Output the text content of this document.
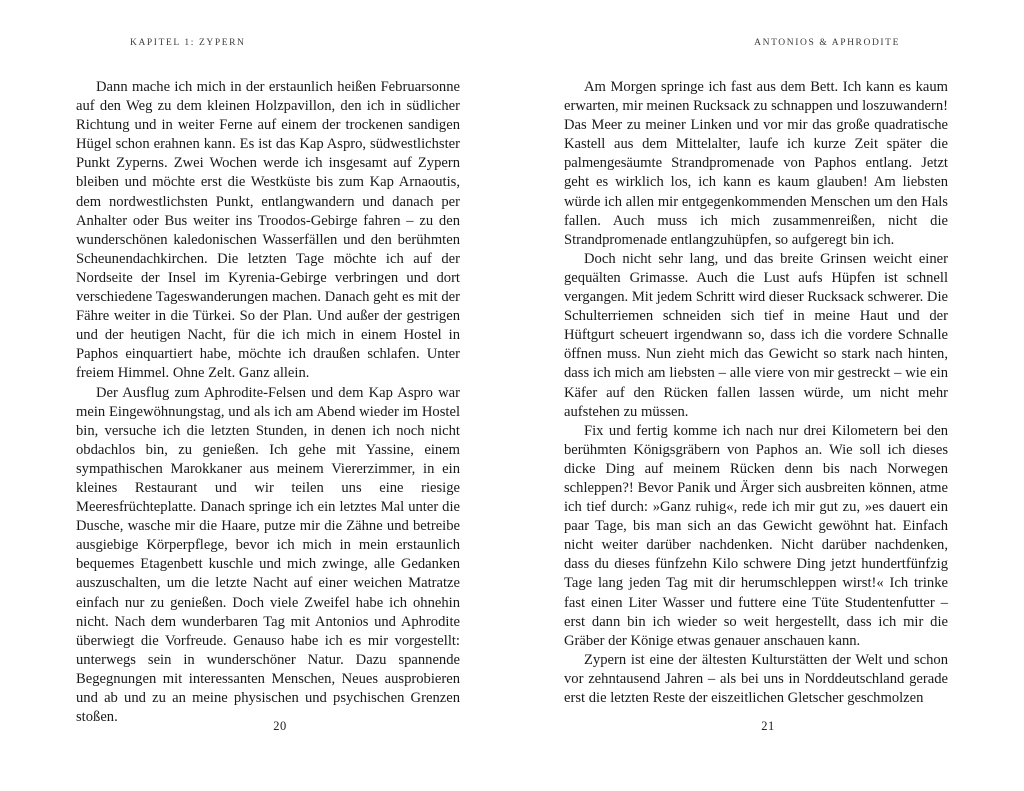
KAPITEL 1: ZYPERN

Dann mache ich mich in der erstaunlich heißen Februarsonne auf den Weg zu dem kleinen Holzpavillon, den ich in südlicher Richtung und in weiter Ferne auf einem der trockenen sandigen Hügel schon erahnen kann. Es ist das Kap Aspro, südwestlichster Punkt Zyperns. Zwei Wochen werde ich insgesamt auf Zypern bleiben und möchte erst die Westküste bis zum Kap Arnaoutis, dem nordwestlichsten Punkt, entlangwandern und danach per Anhalter oder Bus weiter ins Troodos-Gebirge fahren – zu den wunderschönen kaledonischen Wasserfällen und den berühmten Scheunendachkirchen. Die letzten Tage möchte ich auf der Nordseite der Insel im Kyrenia-Gebirge verbringen und dort verschiedene Tageswanderungen machen. Danach geht es mit der Fähre weiter in die Türkei. So der Plan. Und außer der gestrigen und der heutigen Nacht, für die ich mich in einem Hostel in Paphos einquartiert habe, möchte ich draußen schlafen. Unter freiem Himmel. Ohne Zelt. Ganz allein.

Der Ausflug zum Aphrodite-Felsen und dem Kap Aspro war mein Eingewöhnungstag, und als ich am Abend wieder im Hostel bin, versuche ich die letzten Stunden, in denen ich noch nicht obdachlos bin, zu genießen. Ich gehe mit Yassine, einem sympathischen Marokkaner aus meinem Viererzimmer, in ein kleines Restaurant und wir teilen uns eine riesige Meeresfrüchteplatte. Danach springe ich ein letztes Mal unter die Dusche, wasche mir die Haare, putze mir die Zähne und betreibe ausgiebige Körperpflege, bevor ich mich in mein erstaunlich bequemes Etagenbett kuschle und mich zwinge, alle Gedanken auszuschalten, um die letzte Nacht auf einer weichen Matratze einfach nur zu genießen. Doch viele Zweifel habe ich ohnehin nicht. Nach dem wunderbaren Tag mit Antonios und Aphrodite überwiegt die Vorfreude. Genauso habe ich es mir vorgestellt: unterwegs sein in wunderschöner Natur. Dazu spannende Begegnungen mit interessanten Menschen, Neues ausprobieren und ab und zu an meine physischen und psychischen Grenzen stoßen.

20
ANTONIOS & APHRODITE

Am Morgen springe ich fast aus dem Bett. Ich kann es kaum erwarten, mir meinen Rucksack zu schnappen und loszuwandern! Das Meer zu meiner Linken und vor mir das große quadratische Kastell aus dem Mittelalter, laufe ich kurze Zeit später die palmengesäumte Strandpromenade von Paphos entlang. Jetzt geht es wirklich los, ich kann es kaum glauben! Am liebsten würde ich allen mir entgegenkommenden Menschen um den Hals fallen. Auch muss ich mich zusammenreißen, nicht die Strandpromenade entlangzuhüpfen, so aufgeregt bin ich.

Doch nicht sehr lang, und das breite Grinsen weicht einer gequälten Grimasse. Auch die Lust aufs Hüpfen ist schnell vergangen. Mit jedem Schritt wird dieser Rucksack schwerer. Die Schulterriemen schneiden sich tief in meine Haut und der Hüftgurt scheuert irgendwann so, dass ich die vordere Schnalle öffnen muss. Nun zieht mich das Gewicht so stark nach hinten, dass ich mich am liebsten – alle viere von mir gestreckt – wie ein Käfer auf den Rücken fallen lassen würde, um nicht mehr aufstehen zu müssen.

Fix und fertig komme ich nach nur drei Kilometern bei den berühmten Königsgräbern von Paphos an. Wie soll ich dieses dicke Ding auf meinem Rücken denn bis nach Norwegen schleppen?! Bevor Panik und Ärger sich ausbreiten können, atme ich tief durch: »Ganz ruhig«, rede ich mir gut zu, »es dauert ein paar Tage, bis man sich an das Gewicht gewöhnt hat. Einfach nicht weiter darüber nachdenken. Nicht darüber nachdenken, dass du dieses fünfzehn Kilo schwere Ding jetzt hundertfünfzig Tage lang jeden Tag mit dir herumschleppen wirst!« Ich trinke fast einen Liter Wasser und futtere eine Tüte Studentenfutter – erst dann bin ich wieder so weit hergestellt, dass ich mir die Gräber der Könige etwas genauer anschauen kann.

Zypern ist eine der ältesten Kulturstätten der Welt und schon vor zehntausend Jahren – als bei uns in Norddeutschland gerade erst die letzten Reste der eiszeitlichen Gletscher geschmolzen

21
